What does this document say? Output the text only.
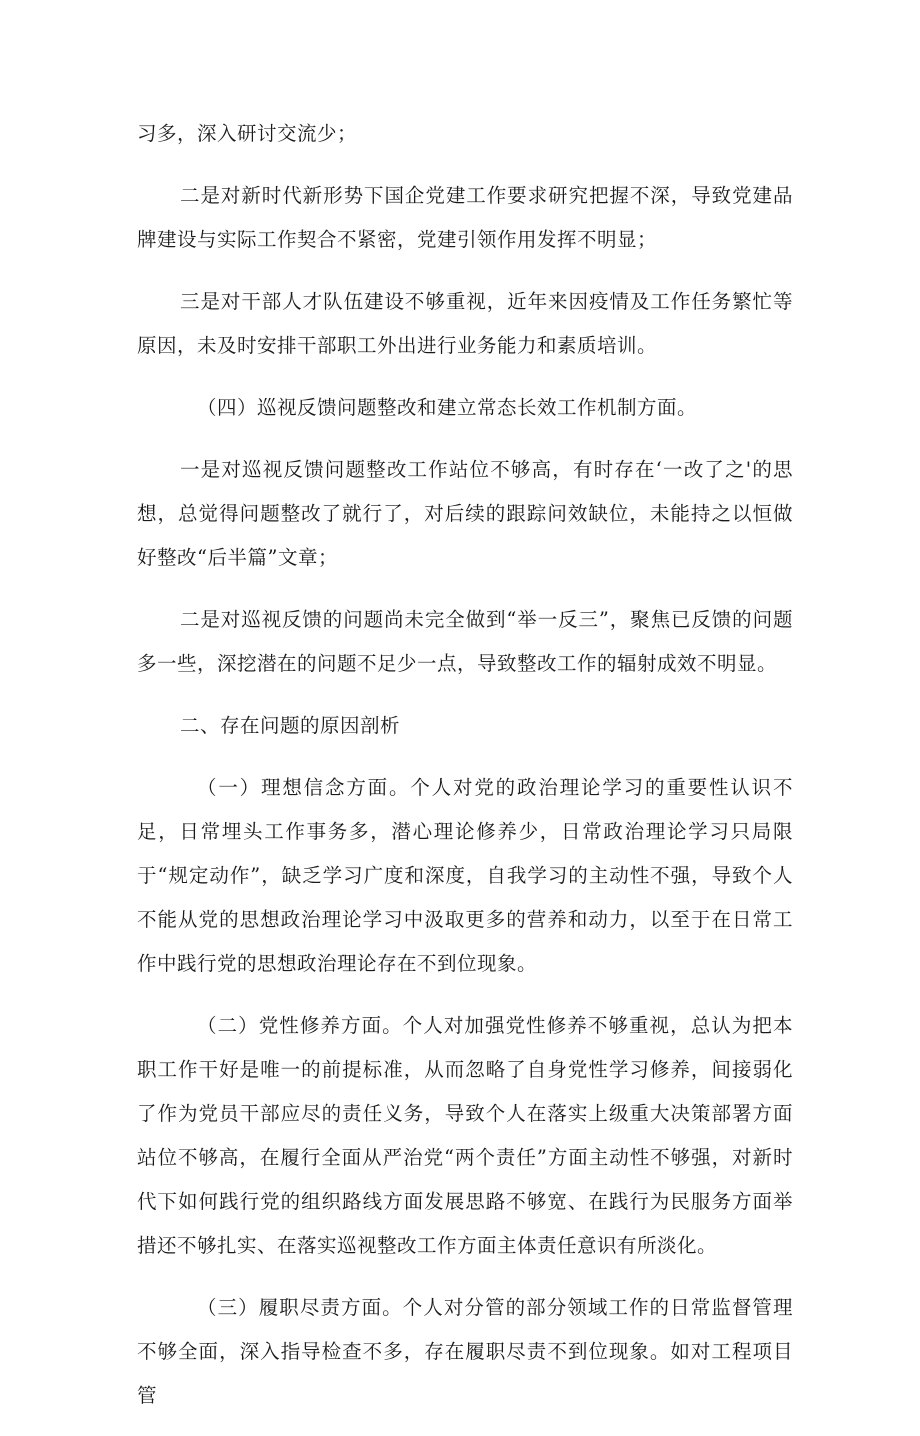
习多，深入研讨交流少；

二是对新时代新形势下国企党建工作要求研究把握不深，导致党建品牌建设与实际工作契合不紧密，党建引领作用发挥不明显；

三是对干部人才队伍建设不够重视，近年来因疫情及工作任务繁忙等原因，未及时安排干部职工外出进行业务能力和素质培训。

（四）巡视反馈问题整改和建立常态长效工作机制方面。

一是对巡视反馈问题整改工作站位不够高，有时存在‘一改了之'的思想，总觉得问题整改了就行了，对后续的跟踪问效缺位，未能持之以恒做好整改“后半篇”文章；

二是对巡视反馈的问题尚未完全做到“举一反三”，聚焦已反馈的问题多一些，深挖潜在的问题不足少一点，导致整改工作的辐射成效不明显。

二、存在问题的原因剖析

（一）理想信念方面。个人对党的政治理论学习的重要性认识不足，日常埋头工作事务多，潜心理论修养少，日常政治理论学习只局限于“规定动作”，缺乏学习广度和深度，自我学习的主动性不强，导致个人不能从党的思想政治理论学习中汲取更多的营养和动力，以至于在日常工作中践行党的思想政治理论存在不到位现象。

（二）党性修养方面。个人对加强党性修养不够重视，总认为把本职工作干好是唯一的前提标准，从而忽略了自身党性学习修养，间接弱化了作为党员干部应尽的责任义务，导致个人在落实上级重大决策部署方面站位不够高，在履行全面从严治党“两个责任”方面主动性不够强，对新时代下如何践行党的组织路线方面发展思路不够宽、在践行为民服务方面举措还不够扎实、在落实巡视整改工作方面主体责任意识有所淡化。

（三）履职尽责方面。个人对分管的部分领域工作的日常监督管理不够全面，深入指导检查不多，存在履职尽责不到位现象。如对工程项目管
